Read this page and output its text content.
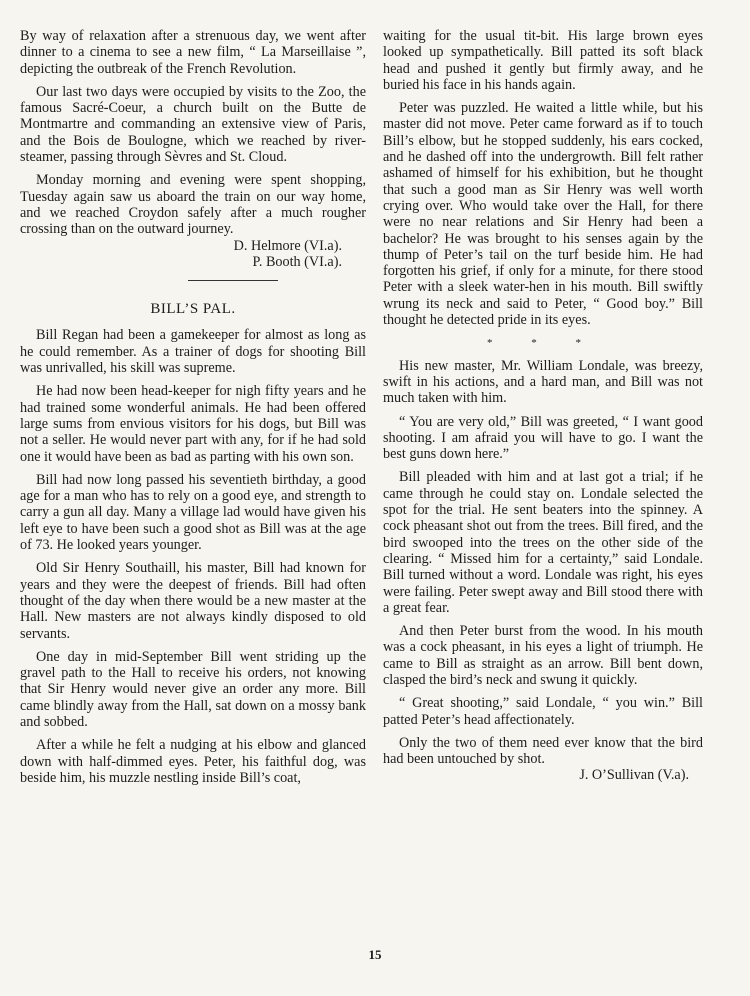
By way of relaxation after a strenuous day, we went after dinner to a cinema to see a new film, “ La Marseillaise ”, depicting the outbreak of the French Revolution.

Our last two days were occupied by visits to the Zoo, the famous Sacré-Coeur, a church built on the Butte de Montmartre and commanding an extensive view of Paris, and the Bois de Boulogne, which we reached by river-steamer, passing through Sèvres and St. Cloud.

Monday morning and evening were spent shopping, Tuesday again saw us aboard the train on our way home, and we reached Croydon safely after a much rougher crossing than on the outward journey.

D. Helmore (VI.a).
P. Booth (VI.a).
BILL’S PAL.

Bill Regan had been a gamekeeper for almost as long as he could remember. As a trainer of dogs for shooting Bill was unrivalled, his skill was supreme.

He had now been head-keeper for nigh fifty years and he had trained some wonderful animals. He had been offered large sums from envious visitors for his dogs, but Bill was not a seller. He would never part with any, for if he had sold one it would have been as bad as parting with his own son.

Bill had now long passed his seventieth birthday, a good age for a man who has to rely on a good eye, and strength to carry a gun all day. Many a village lad would have given his left eye to have been such a good shot as Bill was at the age of 73. He looked years younger.

Old Sir Henry Southaill, his master, Bill had known for years and they were the deepest of friends. Bill had often thought of the day when there would be a new master at the Hall. New masters are not always kindly disposed to old servants.

One day in mid-September Bill went striding up the gravel path to the Hall to receive his orders, not knowing that Sir Henry would never give an order any more. Bill came blindly away from the Hall, sat down on a mossy bank and sobbed.

After a while he felt a nudging at his elbow and glanced down with half-dimmed eyes. Peter, his faithful dog, was beside him, his muzzle nestling inside Bill’s coat,

waiting for the usual tit-bit. His large brown eyes looked up sympathetically. Bill patted its soft black head and pushed it gently but firmly away, and he buried his face in his hands again.

Peter was puzzled. He waited a little while, but his master did not move. Peter came forward as if to touch Bill’s elbow, but he stopped suddenly, his ears cocked, and he dashed off into the undergrowth. Bill felt rather ashamed of himself for his exhibition, but he thought that such a good man as Sir Henry was well worth crying over. Who would take over the Hall, for there were no near relations and Sir Henry had been a bachelor? He was brought to his senses again by the thump of Peter’s tail on the turf beside him. He had forgotten his grief, if only for a minute, for there stood Peter with a sleek water-hen in his mouth. Bill swiftly wrung its neck and said to Peter, “ Good boy.” Bill thought he detected pride in its eyes.

* * *

His new master, Mr. William Londale, was breezy, swift in his actions, and a hard man, and Bill was not much taken with him.

“ You are very old,” Bill was greeted, “ I want good shooting. I am afraid you will have to go. I want the best guns down here.”

Bill pleaded with him and at last got a trial; if he came through he could stay on. Londale selected the spot for the trial. He sent beaters into the spinney. A cock pheasant shot out from the trees. Bill fired, and the bird swooped into the trees on the other side of the clearing. “ Missed him for a certainty,” said Londale. Bill turned without a word. Londale was right, his eyes were failing. Peter swept away and Bill stood there with a great fear.

And then Peter burst from the wood. In his mouth was a cock pheasant, in his eyes a light of triumph. He came to Bill as straight as an arrow. Bill bent down, clasped the bird’s neck and swung it quickly.

“ Great shooting,” said Londale, “ you win.” Bill patted Peter’s head affectionately.

Only the two of them need ever know that the bird had been untouched by shot.

J. O’Sullivan (V.a).
15
